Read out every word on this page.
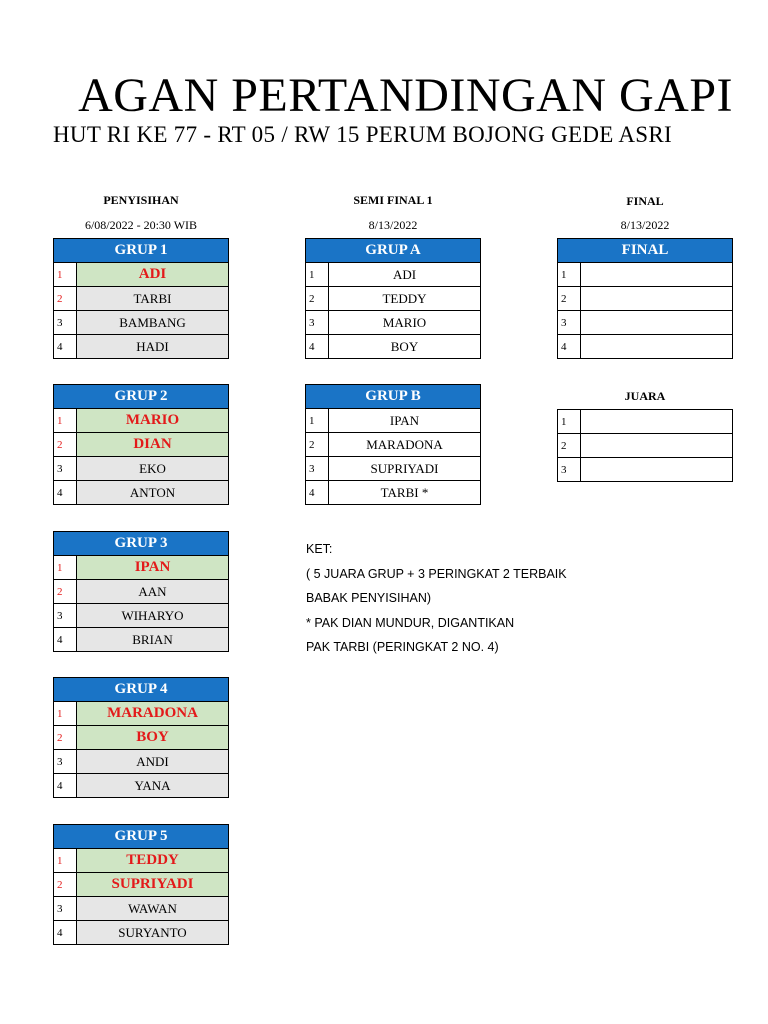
AGAN PERTANDINGAN GAPI
HUT RI KE 77 - RT 05 / RW 15 PERUM BOJONG GEDE ASRI
PENYISIHAN
6/08/2022 - 20:30 WIB
SEMI FINAL 1
8/13/2022
FINAL
8/13/2022
GRUP 1	
1	ADI
2	TARBI
3	BAMBANG
4	HADI
GRUP 2	
1	MARIO
2	DIAN
3	EKO
4	ANTON
GRUP 3	
1	IPAN
2	AAN
3	WIHARYO
4	BRIAN
GRUP 4	
1	MARADONA
2	BOY
3	ANDI
4	YANA
GRUP 5	
1	TEDDY
2	SUPRIYADI
3	WAWAN
4	SURYANTO
GRUP A	
1	ADI
2	TEDDY
3	MARIO
4	BOY
GRUP B	
1	IPAN
2	MARADONA
3	SUPRIYADI
4	TARBI *
FINAL	
1	
2	
3	
4	
JUARA
1	
2	
3	
KET:
( 5 JUARA GRUP + 3 PERINGKAT 2 TERBAIK
BABAK PENYISIHAN)
* PAK DIAN MUNDUR, DIGANTIKAN
PAK TARBI (PERINGKAT 2 NO. 4)
